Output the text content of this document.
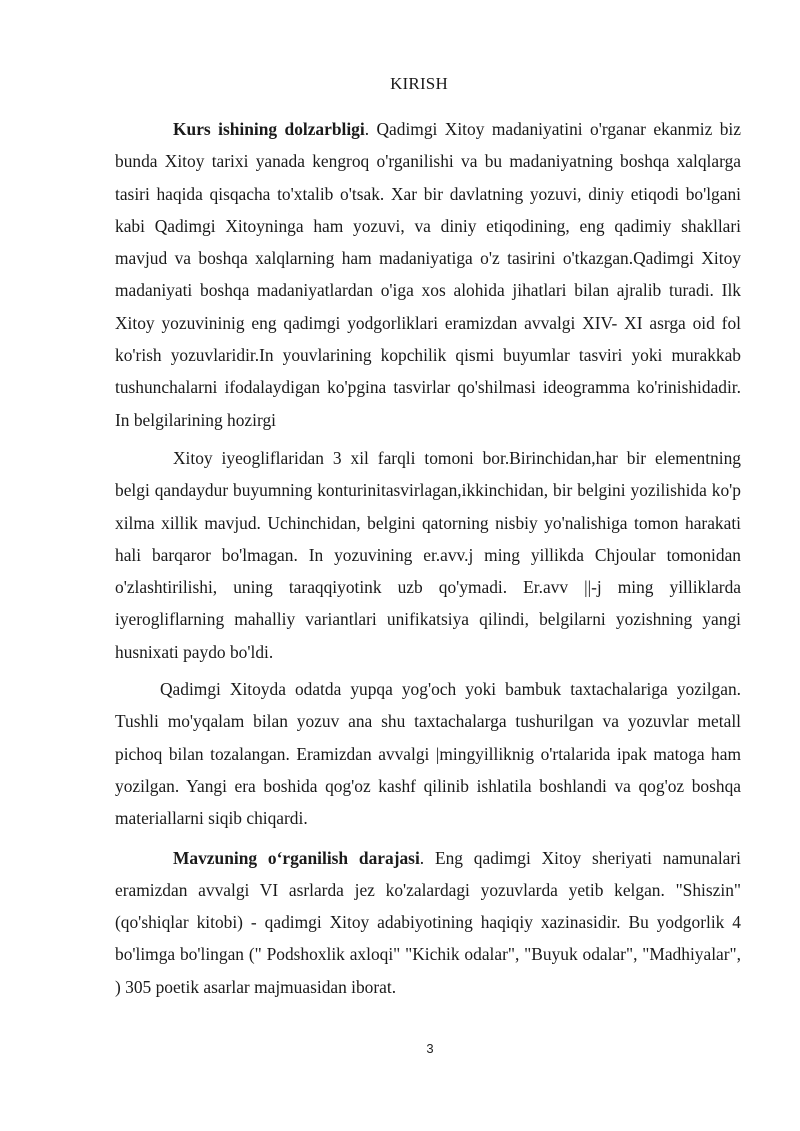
KIRISH

Kurs ishining dolzarbligi. Qadimgi Xitoy madaniyatini o'rganar ekanmiz biz bunda Xitoy tarixi yanada kengroq o'rganilishi va bu madaniyatning boshqa xalqlarga tasiri haqida qisqacha to'xtalib o'tsak. Xar bir davlatning yozuvi, diniy etiqodi bo'lgani kabi Qadimgi Xitoyninga ham yozuvi, va diniy etiqodining, eng qadimiy shakllari mavjud va boshqa xalqlarning ham madaniyatiga o'z tasirini o'tkazgan.Qadimgi Xitoy madaniyati boshqa madaniyatlardan o'iga xos alohida jihatlari bilan ajralib turadi. Ilk Xitoy yozuvininig eng qadimgi yodgorliklari eramizdan avvalgi XIV- XI asrga oid fol ko'rish yozuvlaridir.In youvlarining kopchilik qismi buyumlar tasviri yoki murakkab tushunchalarni ifodalaydigan ko'pgina tasvirlar qo'shilmasi ideogramma ko'rinishidadir. In belgilarining hozirgi

Xitoy iyeogliflaridan 3 xil farqli tomoni bor.Birinchidan,har bir elementning belgi qandaydur buyumning konturinitasvirlagan,ikkinchidan, bir belgini yozilishida ko'p xilma xillik mavjud. Uchinchidan, belgini qatorning nisbiy yo'nalishiga tomon harakati hali barqaror bo'lmagan. In yozuvining er.avv.j ming yillikda Chjoular tomonidan o'zlashtirilishi, uning taraqqiyotink uzb qo'ymadi. Er.avv ||-j ming yilliklarda iyerogliflarning mahalliy variantlari unifikatsiya qilindi, belgilarni yozishning yangi husnixati paydo bo'ldi.

Qadimgi Xitoyda odatda yupqa yog'och yoki bambuk taxtachalariga yozilgan. Tushli mo'yqalam bilan yozuv ana shu taxtachalarga tushurilgan va yozuvlar metall pichoq bilan tozalangan. Eramizdan avvalgi |mingyilliknig o'rtalarida ipak matoga ham yozilgan. Yangi era boshida qog'oz kashf qilinib ishlatila boshlandi va qog'oz boshqa materiallarni siqib chiqardi.

Mavzuning o‘rganilish darajasi. Eng qadimgi Xitoy sheriyati namunalari eramizdan avvalgi VI asrlarda jez ko'zalardagi yozuvlarda yetib kelgan. "Shiszin" (qo'shiqlar kitobi) - qadimgi Xitoy adabiyotining haqiqiy xazinasidir. Bu yodgorlik 4 bo'limga bo'lingan (" Podshoxlik axloqi" "Kichik odalar", "Buyuk odalar", "Madhiyalar", ) 305 poetik asarlar majmuasidan iborat.

3
